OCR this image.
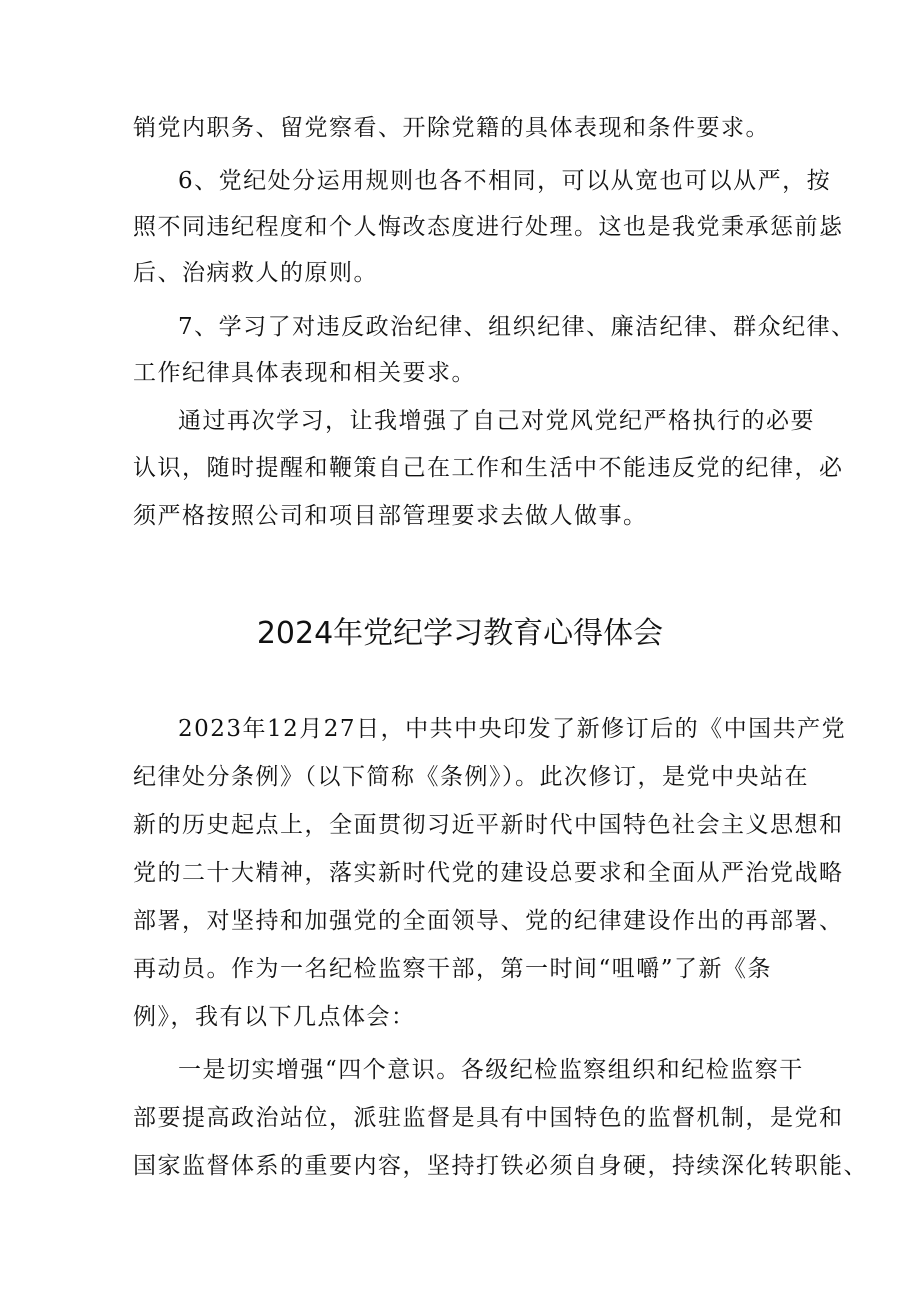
销党内职务、留党察看、开除党籍的具体表现和条件要求。
6、党纪处分运用规则也各不相同，可以从宽也可以从严，按
照不同违纪程度和个人悔改态度进行处理。这也是我党秉承惩前毖
后、治病救人的原则。
7、学习了对违反政治纪律、组织纪律、廉洁纪律、群众纪律、
工作纪律具体表现和相关要求。
通过再次学习，让我增强了自己对党风党纪严格执行的必要
认识，随时提醒和鞭策自己在工作和生活中不能违反党的纪律，必
须严格按照公司和项目部管理要求去做人做事。
2024年党纪学习教育心得体会
2023年12月27日，中共中央印发了新修订后的《中国共产党
纪律处分条例》（以下简称《条例》）。此次修订，是党中央站在
新的历史起点上，全面贯彻习近平新时代中国特色社会主义思想和
党的二十大精神，落实新时代党的建设总要求和全面从严治党战略
部署，对坚持和加强党的全面领导、党的纪律建设作出的再部署、
再动员。作为一名纪检监察干部，第一时间“咀嚼”了新《条
例》，我有以下几点体会：
一是切实增强“四个意识。各级纪检监察组织和纪检监察干
部要提高政治站位，派驻监督是具有中国特色的监督机制，是党和
国家监督体系的重要内容，坚持打铁必须自身硬，持续深化转职能、
